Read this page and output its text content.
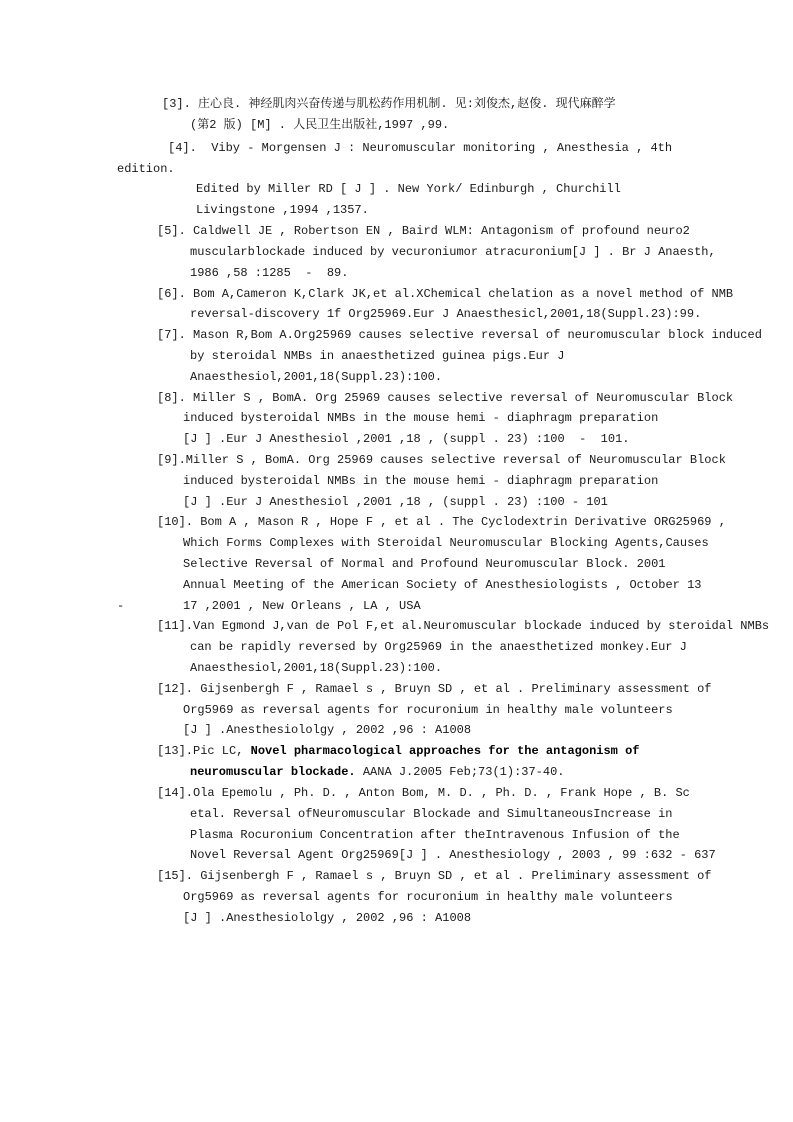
[3]. 庄心良. 神经肌肉兴奋传递与肌松药作用机制. 见:刘俊杰,赵俊. 现代麻醉学
(第2 版) [M] . 人民卫生出版社,1997 ,99.
[4].  Viby - Morgensen J : Neuromuscular monitoring , Anesthesia , 4th
edition.
Edited by Miller RD [ J ] . New York/ Edinburgh , Churchill
Livingstone ,1994 ,1357.
[5]. Caldwell JE , Robertson EN , Baird WLM: Antagonism of profound neuro2
muscularblockade induced by vecuroniumor atracuronium[J ] . Br J Anaesth,
1986 ,58 :1285  -  89.
[6]. Bom A,Cameron K,Clark JK,et al.XChemical chelation as a novel method of NMB
reversal-discovery 1f Org25969.Eur J Anaesthesicl,2001,18(Suppl.23):99.
[7]. Mason R,Bom A.Org25969 causes selective reversal of neuromuscular block induced
by steroidal NMBs in anaesthetized guinea pigs.Eur J
Anaesthesiol,2001,18(Suppl.23):100.
[8]. Miller S , BomA. Org 25969 causes selective reversal of Neuromuscular Block
induced bysteroidal NMBs in the mouse hemi - diaphragm preparation
[J ] .Eur J Anesthesiol ,2001 ,18 , (suppl . 23) :100  -  101.
[9].Miller S , BomA. Org 25969 causes selective reversal of Neuromuscular Block
induced bysteroidal NMBs in the mouse hemi - diaphragm preparation
[J ] .Eur J Anesthesiol ,2001 ,18 , (suppl . 23) :100 - 101
[10]. Bom A , Mason R , Hope F , et al . The Cyclodextrin Derivative ORG25969 ,
Which Forms Complexes with Steroidal Neuromuscular Blocking Agents,Causes
Selective Reversal of Normal and Profound Neuromuscular Block. 2001
Annual Meeting of the American Society of Anesthesiologists , October 13
-	17 ,2001 , New Orleans , LA , USA
[11].Van Egmond J,van de Pol F,et al.Neuromuscular blockade induced by steroidal NMBs
can be rapidly reversed by Org25969 in the anaesthetized monkey.Eur J
Anaesthesiol,2001,18(Suppl.23):100.
[12]. Gijsenbergh F , Ramael s , Bruyn SD , et al . Preliminary assessment of
Org5969 as reversal agents for rocuronium in healthy male volunteers
[J ] .Anesthesiololgy , 2002 ,96 : A1008
[13].Pic LC, Novel pharmacological approaches for the antagonism of
neuromuscular blockade. AANA J.2005 Feb;73(1):37-40.
[14].Ola Epemolu , Ph. D. , Anton Bom, M. D. , Ph. D. , Frank Hope , B. Sc
etal. Reversal ofNeuromuscular Blockade and SimultaneousIncrease in
Plasma Rocuronium Concentration after theIntravenous Infusion of the
Novel Reversal Agent Org25969[J ] . Anesthesiology , 2003 , 99 :632 - 637
[15]. Gijsenbergh F , Ramael s , Bruyn SD , et al . Preliminary assessment of
Org5969 as reversal agents for rocuronium in healthy male volunteers
[J ] .Anesthesiololgy , 2002 ,96 : A1008
